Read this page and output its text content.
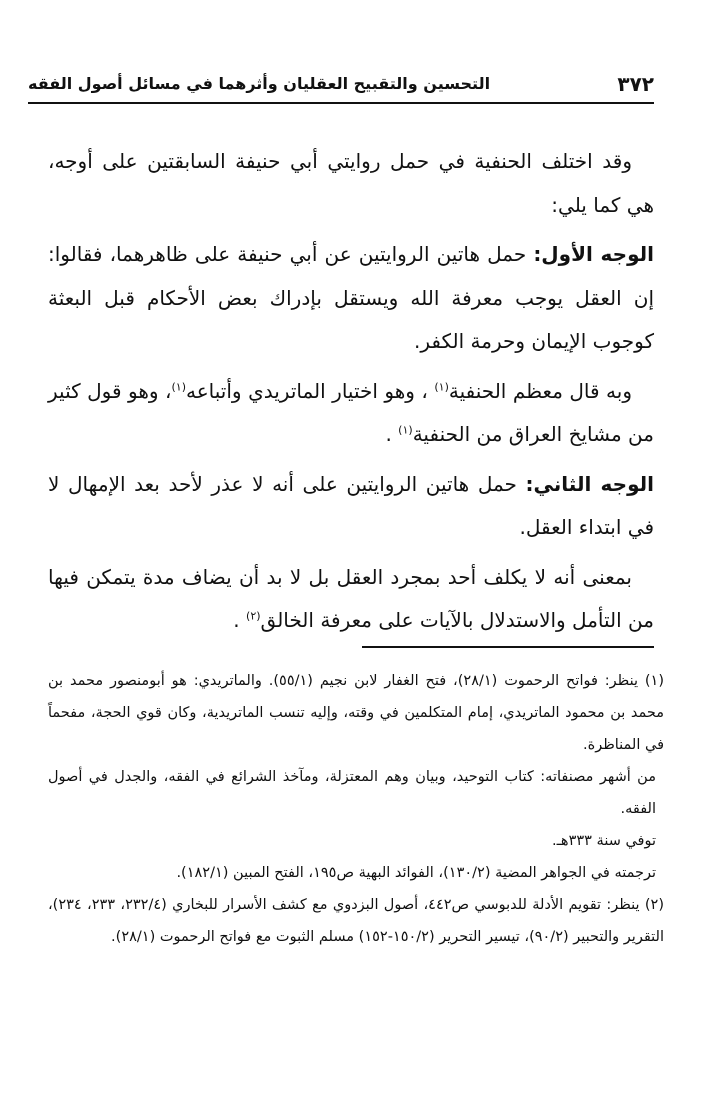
٣٧٢
التحسين والتقبيح العقليان وأثرهما في مسائل أصول الفقه

وقد اختلف الحنفية في حمل روايتي أبي حنيفة السابقتين على أوجه، هي كما يلي:

الوجه الأول: حمل هاتين الروايتين عن أبي حنيفة على ظاهرهما، فقالوا: إن العقل يوجب معرفة الله ويستقل بإدراك بعض الأحكام قبل البعثة كوجوب الإيمان وحرمة الكفر.

وبه قال معظم الحنفية$^{(١)}$ ، وهو اختيار الماتريدي وأتباعه$^{(١)}$، وهو قول كثير من مشايخ العراق من الحنفية$^{(١)}$ .

الوجه الثاني: حمل هاتين الروايتين على أنه لا عذر لأحد بعد الإمهال لا في ابتداء العقل.

بمعنى أنه لا يكلف أحد بمجرد العقل بل لا بد أن يضاف مدة يتمكن فيها من التأمل والاستدلال بالآيات على معرفة الخالق$^{(٢)}$ .

(١) ينظر: فواتح الرحموت (٢٨/١)، فتح الغفار لابن نجيم (٥٥/١). والماتريدي: هو أبومنصور محمد بن محمد بن محمود الماتريدي، إمام المتكلمين في وقته، وإليه تنسب الماتريدية، وكان قوي الحجة، مفحماً في المناظرة.

من أشهر مصنفاته: كتاب التوحيد، وبيان وهم المعتزلة، ومآخذ الشرائع في الفقه، والجدل في أصول الفقه.

توفي سنة ٣٣٣هـ.

ترجمته في الجواهر المضية (١٣٠/٢)، الفوائد البهية ص١٩٥، الفتح المبين (١٨٢/١).

(٢) ينظر: تقويم الأدلة للدبوسي ص٤٤٢، أصول البزدوي مع كشف الأسرار للبخاري (٢٣٢/٤، ٢٣٣، ٢٣٤)، التقرير والتحبير (٩٠/٢)، تيسير التحرير (١٥٠/٢-١٥٢) مسلم الثبوت مع فواتح الرحموت (٢٨/١).
